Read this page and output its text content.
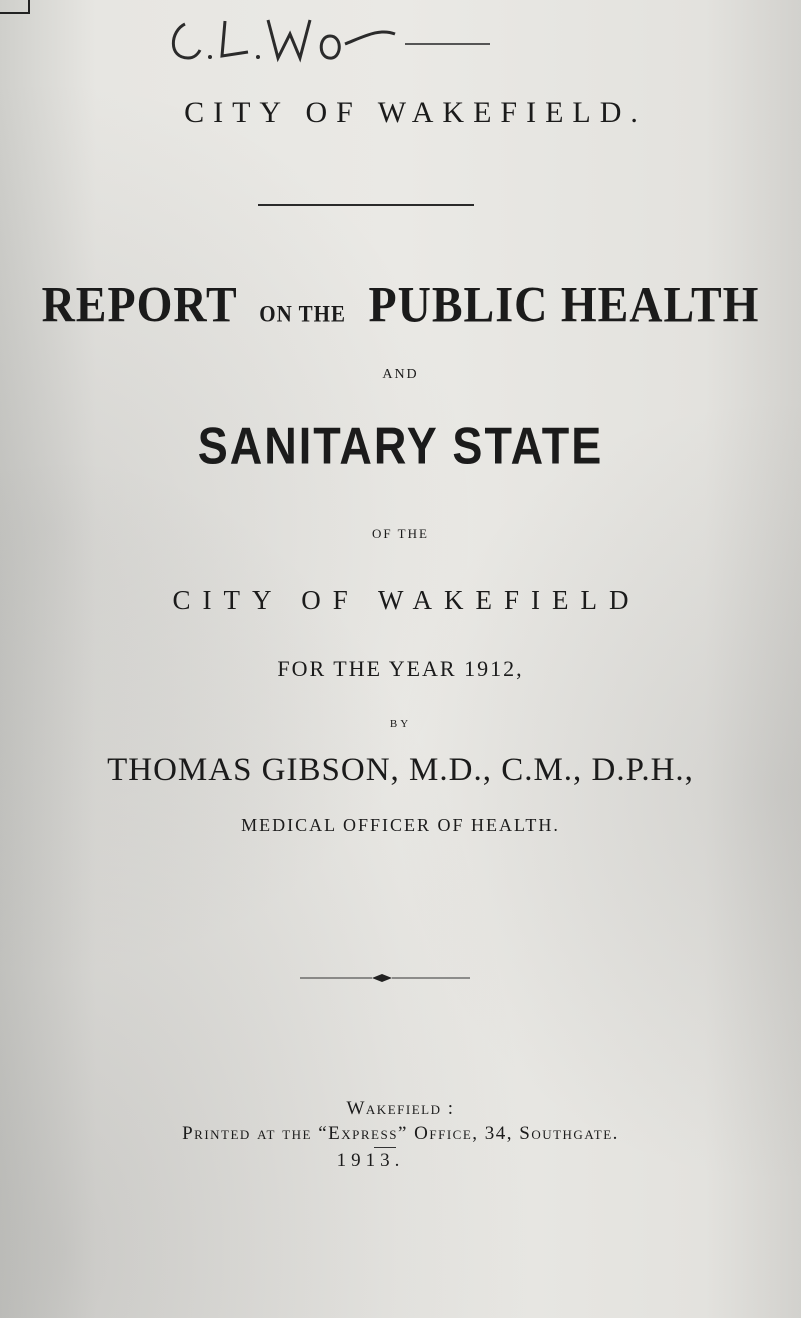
CITY OF WAKEFIELD.
REPORT ON THE PUBLIC HEALTH
AND
SANITARY STATE
OF THE
CITY OF WAKEFIELD
FOR THE YEAR 1912,
BY
THOMAS GIBSON, M.D., C.M., D.P.H.,
MEDICAL OFFICER OF HEALTH.
Wakefield :
Printed at the “Express” Office, 34, Southgate.
1913.
